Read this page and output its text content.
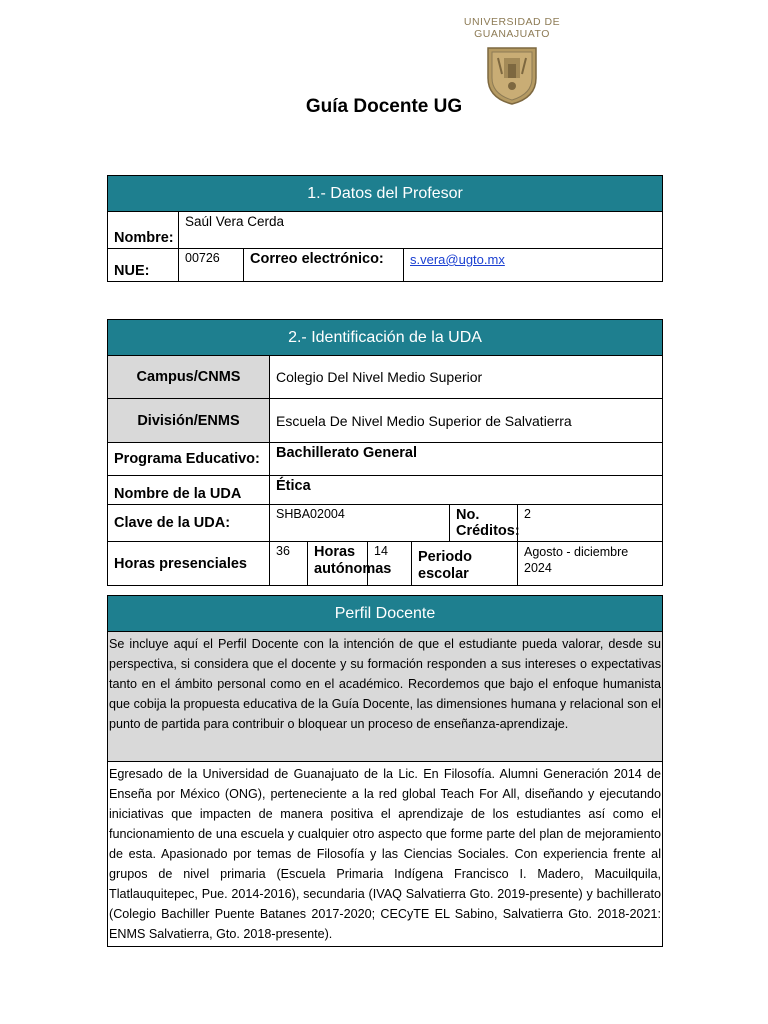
UNIVERSIDAD DE
GUANAJUATO
Guía Docente UG
1.- Datos del Profesor			
Nombre:	Saúl Vera Cerda		
NUE:	00726	Correo electrónico:	s.vera@ugto.mx
2.- Identificación de la UDA						
Campus/CNMS	Colegio Del Nivel Medio Superior					
División/ENMS	Escuela De Nivel Medio Superior de Salvatierra					
Programa Educativo:	Bachillerato General					
Nombre de la UDA	Ética					
Clave de la UDA:	SHBA02004				No. Créditos:	2
Horas presenciales	36	Horas autónomas	14	Periodo escolar		Agosto - diciembre 2024
Perfil Docente
Se incluye aquí el Perfil Docente con la intención de que el estudiante pueda valorar, desde su perspectiva, si considera que el docente y su formación responden a sus intereses o expectativas tanto en el ámbito personal como en el académico. Recordemos que bajo el enfoque humanista que cobija la propuesta educativa de la Guía Docente, las dimensiones humana y relacional son el punto de partida para contribuir o bloquear un proceso de enseñanza-aprendizaje.
Egresado de la Universidad de Guanajuato de la Lic. En Filosofía. Alumni Generación 2014 de Enseña por México (ONG), perteneciente a la red global Teach For All, diseñando y ejecutando iniciativas que impacten de manera positiva el aprendizaje de los estudiantes así como el funcionamiento de una escuela y cualquier otro aspecto que forme parte del plan de mejoramiento de esta. Apasionado por temas de Filosofía y las Ciencias Sociales. Con experiencia frente al grupos de nivel primaria (Escuela Primaria Indígena Francisco I. Madero, Macuilquila, Tlatlauquitepec, Pue. 2014-2016), secundaria (IVAQ Salvatierra Gto. 2019-presente) y bachillerato (Colegio Bachiller Puente Batanes 2017-2020; CECyTE EL Sabino, Salvatierra Gto. 2018-2021: ENMS Salvatierra, Gto. 2018-presente).
